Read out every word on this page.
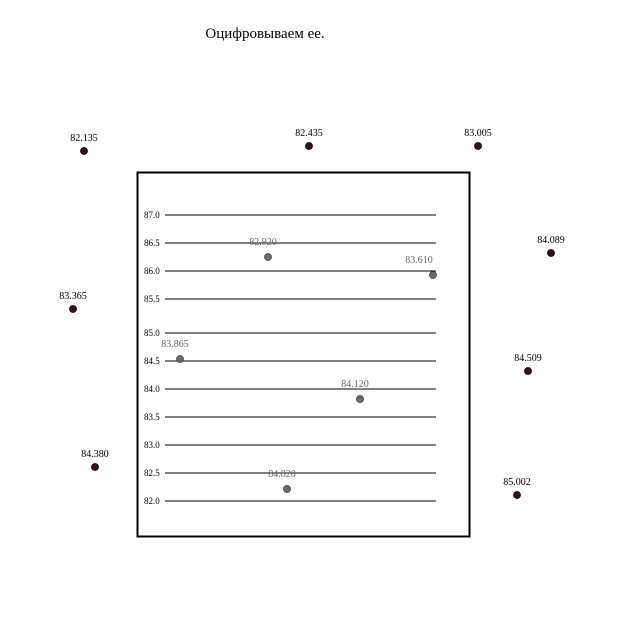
Оцифровываем ее.
87.0
86.5
86.0
85.5
85.0
84.5
84.0
83.5
83.0
82.5
82.0
82.135	82.435	83.005
84.089
83.365
84.509
84.380
85.002
82.920
83.610
83.865
84.120
84.820
